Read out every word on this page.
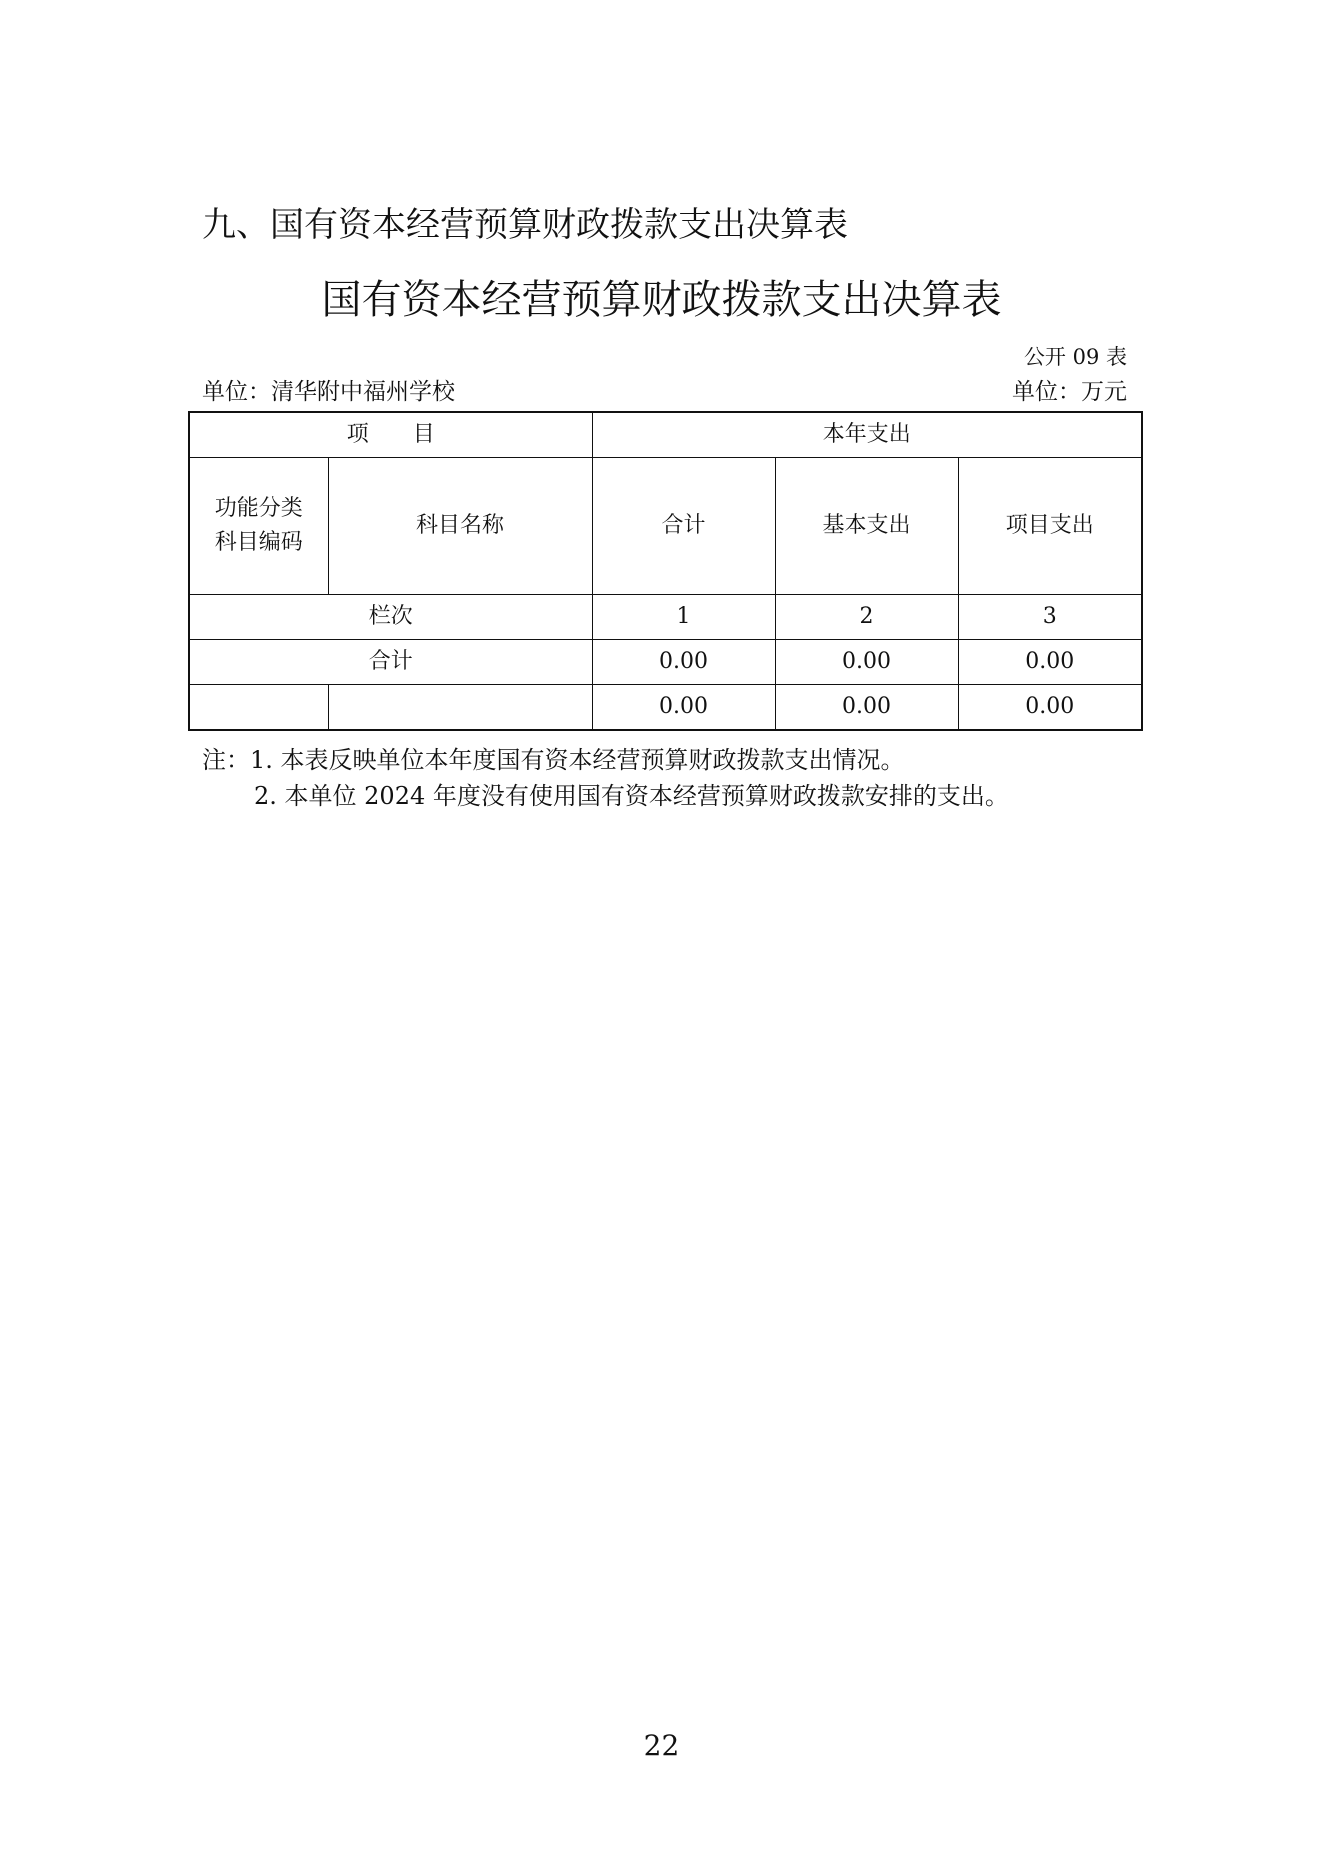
九、国有资本经营预算财政拨款支出决算表
国有资本经营预算财政拨款支出决算表
公开 09 表
单位：清华附中福州学校	单位：万元
项　　目		本年支出		

功能分类科目编码	科目名称	合计	基本支出	项目支出
栏次		1	2	3
合计		0.00	0.00	0.00
		0.00	0.00	0.00
注：1. 本表反映单位本年度国有资本经营预算财政拨款支出情况。
2. 本单位 2024 年度没有使用国有资本经营预算财政拨款安排的支出。
22
